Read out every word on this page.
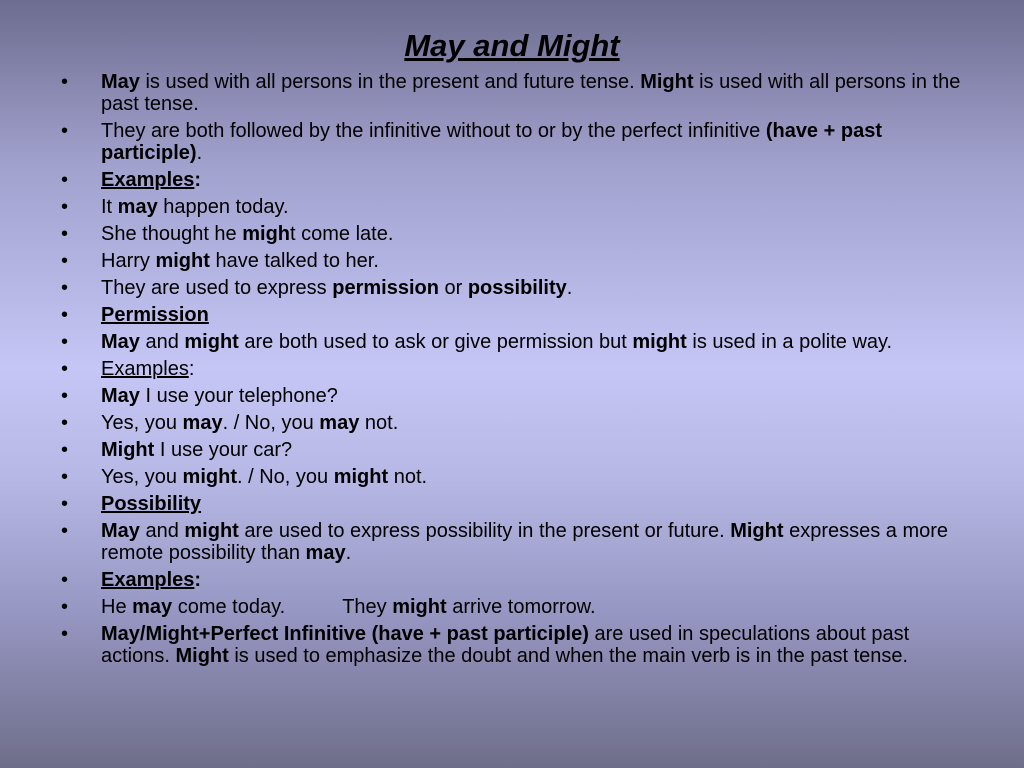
May and Might
•	May is used with all persons in the present and future tense. Might is used with all persons in the past tense.
•	They are both followed by the infinitive without to or by the perfect infinitive (have + past participle).
•	Examples:
•	It may happen today.
•	She thought he might come late.
•	Harry might have talked to her.
•	They are used to express permission or possibility.
•	Permission
•	May and might are both used to ask or give permission but might is used in a polite way.
•	Examples:
•	May I use your telephone?
•	Yes, you may. / No, you may not.
•	Might I use your car?
•	Yes, you might. / No, you might not.
•	Possibility
•	May and might are used to express possibility in the present or future. Might expresses a more remote possibility than may.
•	Examples:
•	He may come today.	They might arrive tomorrow.
•	May/Might+Perfect Infinitive (have + past participle) are used in speculations about past actions. Might is used to emphasize the doubt and when the main verb is in the past tense.
